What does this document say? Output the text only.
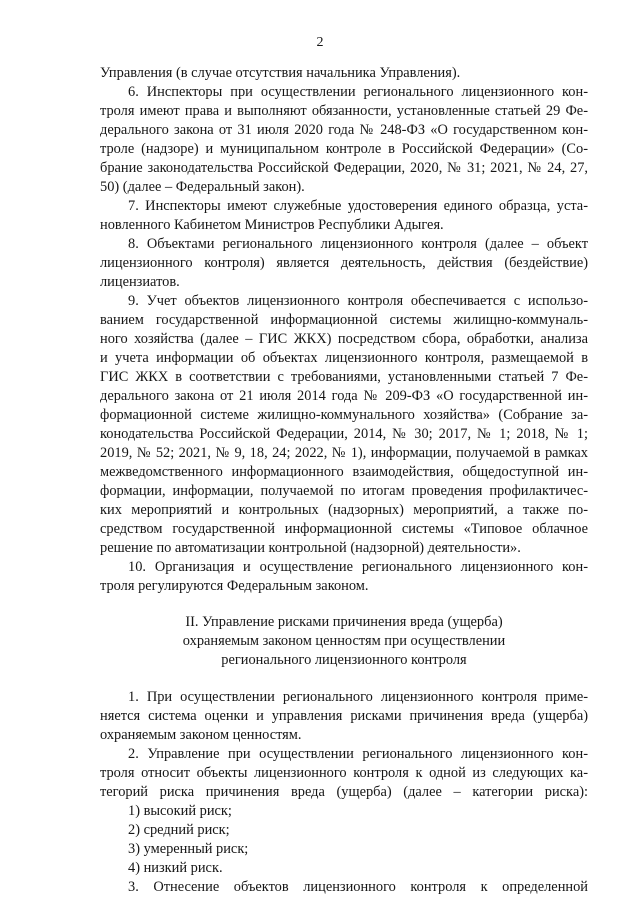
2
Управления (в случае отсутствия начальника Управления).
6. Инспекторы при осуществлении регионального лицензионного кон-
троля имеют права и выполняют обязанности, установленные статьей 29 Фе-
дерального закона от 31 июля 2020 года № 248-ФЗ «О государственном кон-
троле (надзоре) и муниципальном контроле в Российской Федерации» (Со-
брание законодательства Российской Федерации, 2020, № 31; 2021, № 24, 27,
50) (далее – Федеральный закон).
7. Инспекторы имеют служебные удостоверения единого образца, уста-
новленного Кабинетом Министров Республики Адыгея.
8. Объектами регионального лицензионного контроля (далее – объект
лицензионного контроля) является деятельность, действия (бездействие)
лицензиатов.
9. Учет объектов лицензионного контроля обеспечивается с использо-
ванием государственной информационной системы жилищно-коммуналь-
ного хозяйства (далее – ГИС ЖКХ) посредством сбора, обработки, анализа
и учета информации об объектах лицензионного контроля, размещаемой в
ГИС ЖКХ в соответствии с требованиями, установленными статьей 7 Фе-
дерального закона от 21 июля 2014 года № 209-ФЗ «О государственной ин-
формационной системе жилищно-коммунального хозяйства» (Собрание за-
конодательства Российской Федерации, 2014, № 30; 2017, № 1; 2018, № 1;
2019, № 52; 2021, № 9, 18, 24; 2022, № 1), информации, получаемой в рамках
межведомственного информационного взаимодействия, общедоступной ин-
формации, информации, получаемой по итогам проведения профилактичес-
ких мероприятий и контрольных (надзорных) мероприятий, а также по-
средством государственной информационной системы «Типовое облачное
решение по автоматизации контрольной (надзорной) деятельности».
10. Организация и осуществление регионального лицензионного кон-
троля регулируются Федеральным законом.
II. Управление рисками причинения вреда (ущерба)
охраняемым законом ценностям при осуществлении
регионального лицензионного контроля
1. При осуществлении регионального лицензионного контроля приме-
няется система оценки и управления рисками причинения вреда (ущерба)
охраняемым законом ценностям.
2. Управление при осуществлении регионального лицензионного кон-
троля относит объекты лицензионного контроля к одной из следующих ка-
тегорий риска причинения вреда (ущерба) (далее – категории риска):
1) высокий риск;
2) средний риск;
3) умеренный риск;
4) низкий риск.
3. Отнесение объектов лицензионного контроля к определенной
